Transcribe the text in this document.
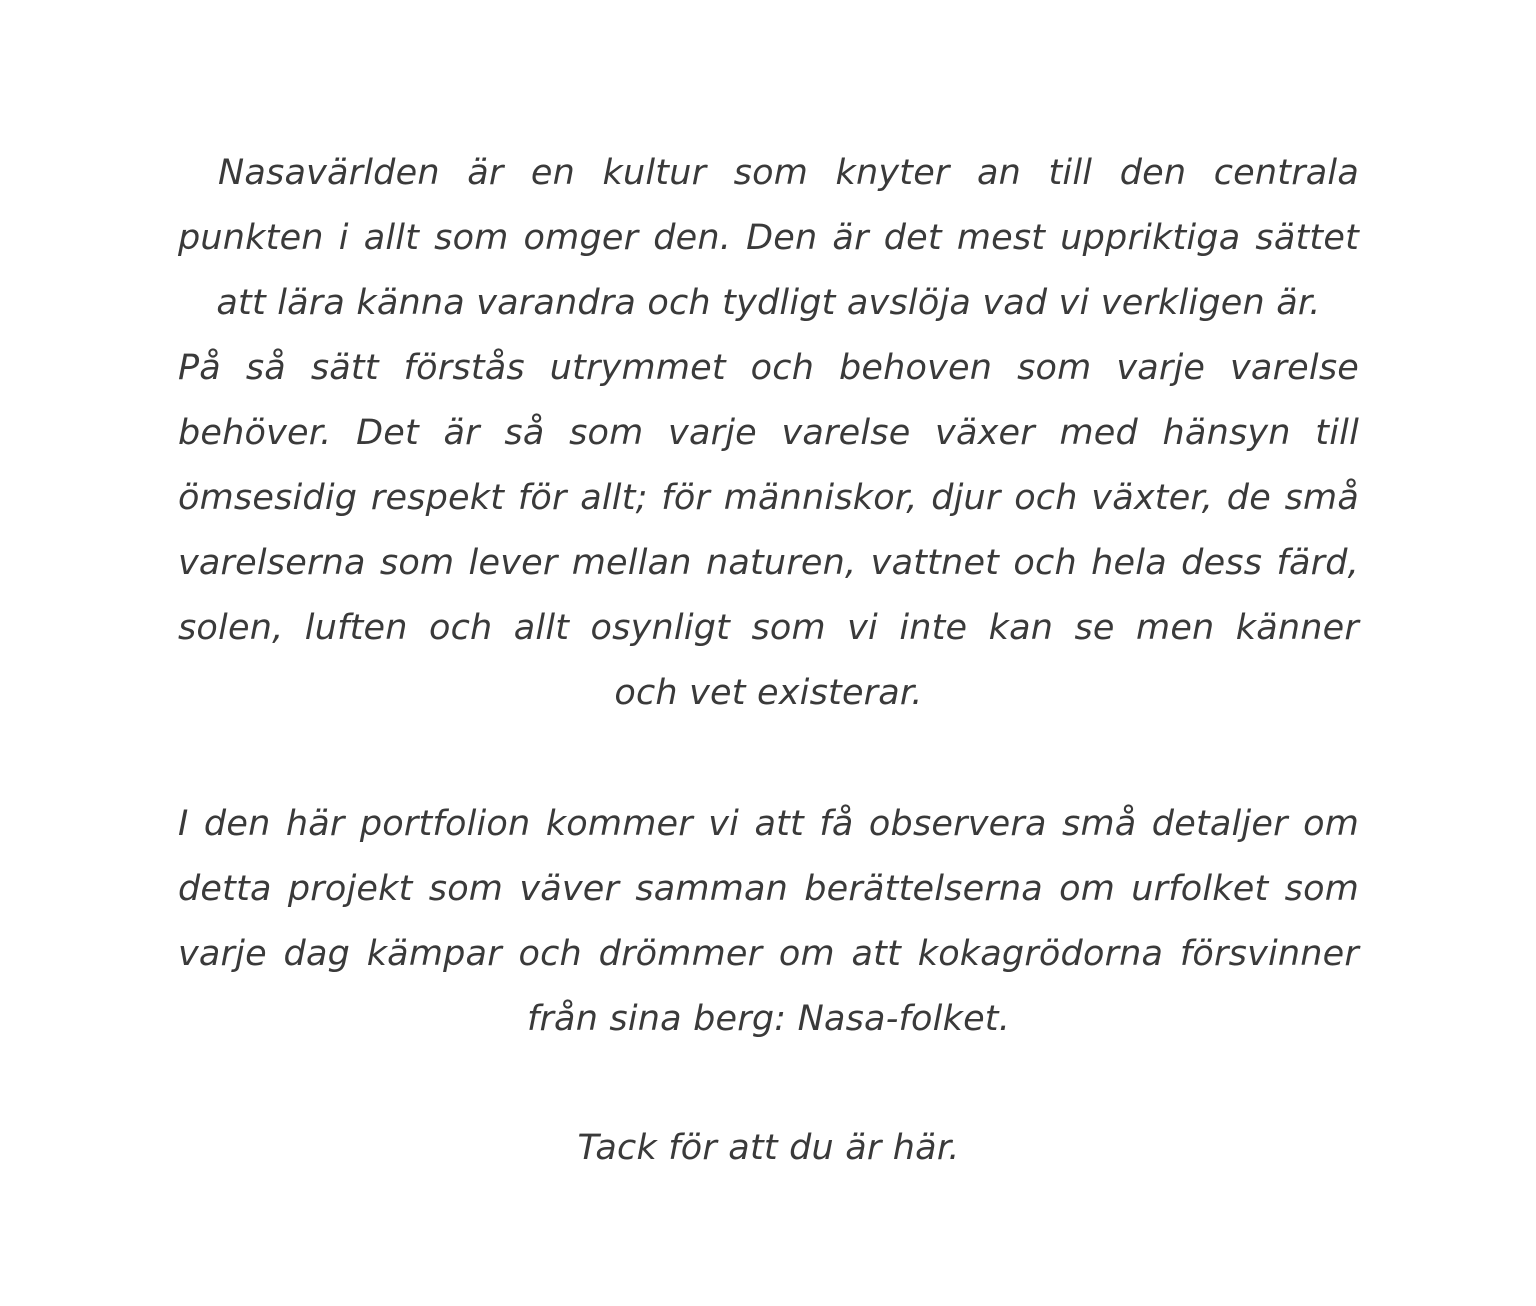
Nasavärlden är en kultur som knyter an till den centrala
punkten i allt som omger den. Den är det mest uppriktiga sättet
att lära känna varandra och tydligt avslöja vad vi verkligen är.
På så sätt förstås utrymmet och behoven som varje varelse
behöver. Det är så som varje varelse växer med hänsyn till
ömsesidig respekt för allt; för människor, djur och växter, de små
varelserna som lever mellan naturen, vattnet och hela dess färd,
solen, luften och allt osynligt som vi inte kan se men känner
och vet existerar.
I den här portfolion kommer vi att få observera små detaljer om
detta projekt som väver samman berättelserna om urfolket som
varje dag kämpar och drömmer om att kokagrödorna försvinner
från sina berg: Nasa-folket.
Tack för att du är här.
